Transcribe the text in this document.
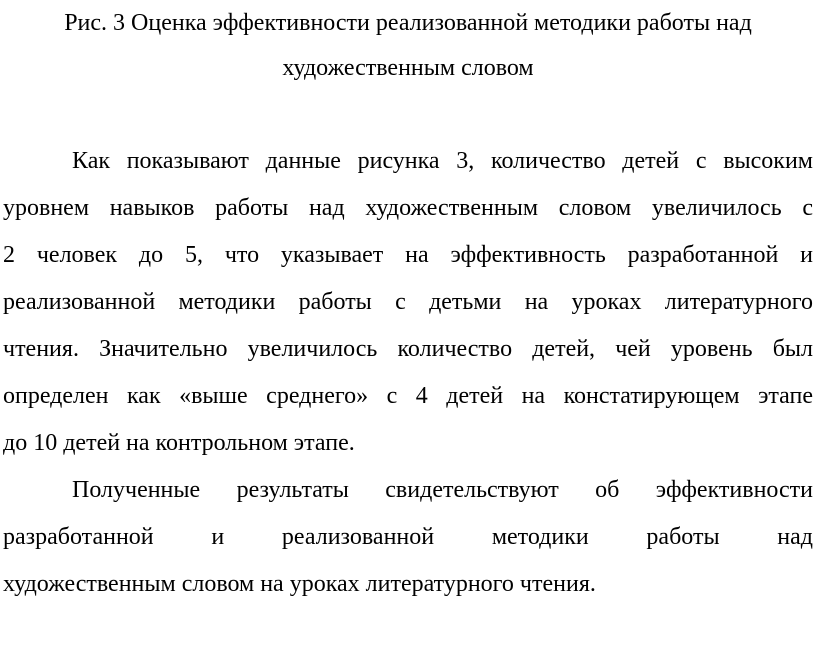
Рис. 3 Оценка эффективности реализованной методики работы над
художественным словом
Как показывают данные рисунка 3, количество детей с высоким
уровнем навыков работы над художественным словом увеличилось с
2 человек до 5, что указывает на эффективность разработанной и
реализованной методики работы с детьми на уроках литературного
чтения. Значительно увеличилось количество детей, чей уровень был
определен как «выше среднего» с 4 детей на констатирующем этапе
до 10 детей на контрольном этапе.
Полученные результаты свидетельствуют об эффективности
разработанной и реализованной методики работы над
художественным словом на уроках литературного чтения.
